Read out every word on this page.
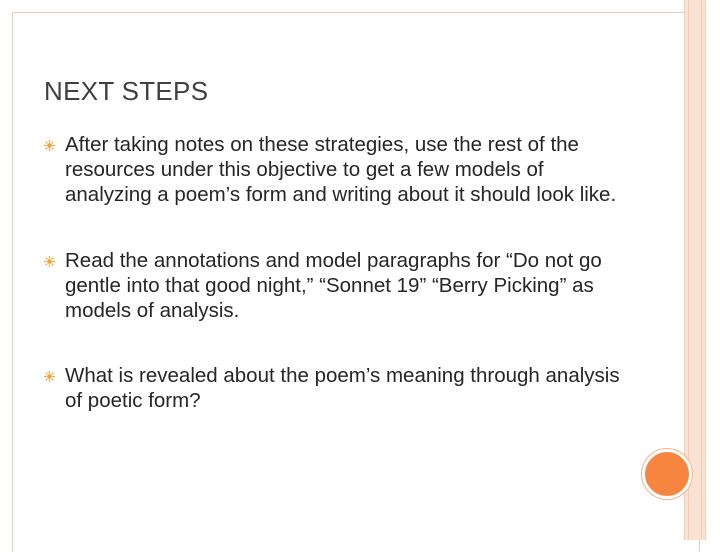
NEXT STEPS
After taking notes on these strategies, use the rest of the resources under this objective to get a few models of analyzing a poem’s form and writing about it should look like.
Read the annotations and model paragraphs for “Do not go gentle into that good night,” “Sonnet 19” “Berry Picking” as models of analysis.
What is revealed about the poem’s meaning through analysis of poetic form?
